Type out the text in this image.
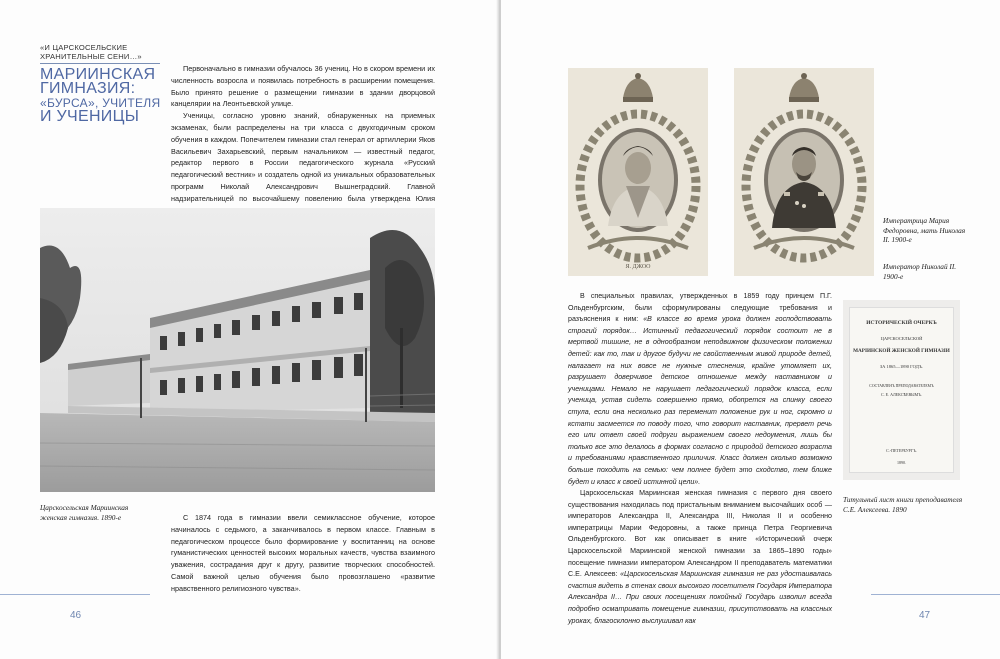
«И ЦАРСКОСЕЛЬСКИЕ ХРАНИТЕЛЬНЫЕ СЕНИ…»
МАРИИНСКАЯ
ГИМНАЗИЯ:
«БУРСА», УЧИТЕЛЯ
И УЧЕНИЦЫ

Первоначально в гимназии обучалось 36 учениц. Но в скором времени их численность возросла и появилась потребность в расширении помещения. Было принято решение о размещении гимназии в здании дворцовой канцелярии на Леонтьевской улице.

Ученицы, согласно уровню знаний, обнаруженных на приемных экзаменах, были распределены на три класса с двухгодичным сроком обучения в каждом. Попечителем гимназии стал генерал от артиллерии Яков Васильевич Захарьевский, первым начальником — известный педагог, редактор первого в России педагогического журнала «Русский педагогический вестник» и создатель одной из уникальных образовательных программ Николай Александрович Вышнеградский. Главной надзирательницей по высочайшему повелению была утверждена Юлия

Царскосельская Мариинская женская гимназия. 1890-е	С 1874 года в гимназии ввели семиклассное обучение, которое начиналось с седьмого, а заканчивалось в первом классе. Главным в педагогическом процессе было формирование у воспитанниц на основе гуманистических ценностей высоких моральных качеств, чувства взаимного уважения, сострадания друг к другу, развитие творческих способностей. Самой важной целью обучения было провозглашено «развитие нравственного религиозного чувства».

46
Я. ДЖОО
Императрица Мария Федоровна, мать Николая II. 1900-е
Император Николай II. 1900-е

В специальных правилах, утвержденных в 1859 году принцем П.Г. Ольденбургским, были сформулированы следующие требования и разъяснения к ним: «В классе во время урока должен господствовать строгий порядок… Истинный педагогический порядок состоит не в мертвой тишине, не в однообразном неподвижном физическом положении детей: как то, так и другое будучи не свойственным живой природе детей, налагает на них вовсе не нужные стеснения, крайне утомляет их, разрушает доверчивое детское отношение между наставником и ученицами. Немало не нарушает педагогический порядок класса, если ученица, устав сидеть совершенно прямо, обопрется на спинку своего стула, если она несколько раз переменит положение рук и ног, скромно и кстати засмеется по поводу того, что говорит наставник, прервет речь его или ответ своей подруги выражением своего недоумения, лишь бы только все это делалось в формах согласно с природой детского возраста и требованиями нравственного приличия. Класс должен сколько возможно больше походить на семью: чем полнее будет это сходство, тем ближе будет и класс к своей истинной цели».

Царскосельская Мариинская женская гимназия с первого дня своего существования находилась под пристальным вниманием высочайших особ — императоров Александра II, Александра III, Николая II и особенно императрицы Марии Федоровны, а также принца Петра Георгиевича Ольденбургского. Вот как описывает в книге «Исторический очерк Царскосельской Мариинской женской гимназии за 1865–1890 годы» посещение гимназии императором Александром II преподаватель математики С.Е. Алексеев: «Царскосельская Мариинская гимназия не раз удостаивалась счастия видеть в стенах своих высокого посетителя Государя Императора Александра II… При своих посещениях покойный Государь изволил всегда подробно осматривать помещение гимназии, присутствовать на классных уроках, благосклонно выслушивал как

ИСТОРИЧЕСКІЙ ОЧЕРКЪ
ЦАРСКОСЕЛЬСКОЙ
МАРІИНСКОЙ ЖЕНСКОЙ ГИМНАЗІИ
ЗА 1865—1890 ГОДЪ.
СОСТАВЛЕНЪ ПРЕПОДАВАТЕЛЕМЪ
С. Е. АЛЕКСѢЕВЫМЪ.
С.-ПЕТЕРБУРГЪ.
1890.
Титульный лист книги преподавателя С.Е. Алексеева. 1890
47
